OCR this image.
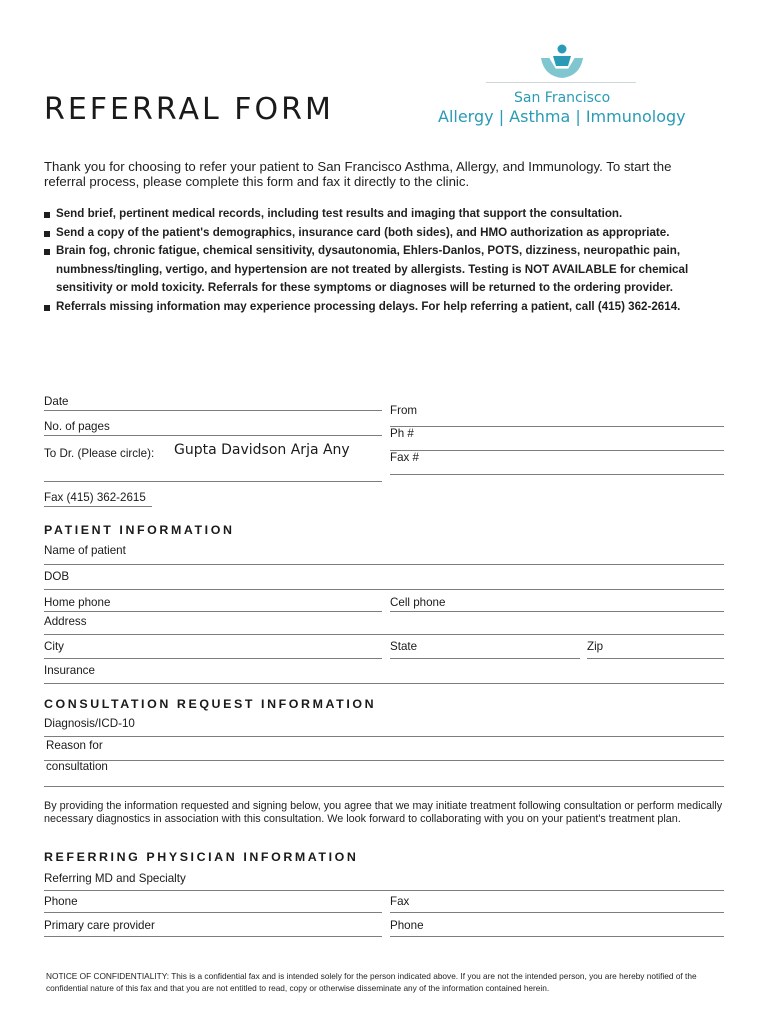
REFERRAL FORM	San Francisco
Allergy | Asthma | Immunology
Thank you for choosing to refer your patient to San Francisco Asthma, Allergy, and Immunology. To start the referral process, please complete this form and fax it directly to the clinic.
Send brief, pertinent medical records, including test results and imaging that support the consultation.
Send a copy of the patient's demographics, insurance card (both sides), and HMO authorization as appropriate.
Brain fog, chronic fatigue, chemical sensitivity, dysautonomia, Ehlers-Danlos, POTS, dizziness, neuropathic pain, numbness/tingling, vertigo, and hypertension are not treated by allergists. Testing is NOT AVAILABLE for chemical sensitivity or mold toxicity. Referrals for these symptoms or diagnoses will be returned to the ordering provider.
Referrals missing information may experience processing delays. For help referring a patient, call (415) 362-2614.
Date
From
No. of pages
Ph #
To Dr. (Please circle): Gupta Davidson Arja Any	Fax #
Fax (415) 362-2615
PATIENT INFORMATION
Name of patient
DOB
Home phone	Cell phone
Address
City	State	Zip
Insurance
CONSULTATION REQUEST INFORMATION
Diagnosis/ICD-10
Reason for
consultation
By providing the information requested and signing below, you agree that we may initiate treatment following consultation or perform medically necessary diagnostics in association with this consultation. We look forward to collaborating with you on your patient's treatment plan.
REFERRING PHYSICIAN INFORMATION
Referring MD and Specialty
Phone	Fax
Primary care provider	Phone
NOTICE OF CONFIDENTIALITY: This is a confidential fax and is intended solely for the person indicated above. If you are not the intended person, you are hereby notified of the confidential nature of this fax and that you are not entitled to read, copy or otherwise disseminate any of the information contained herein.
